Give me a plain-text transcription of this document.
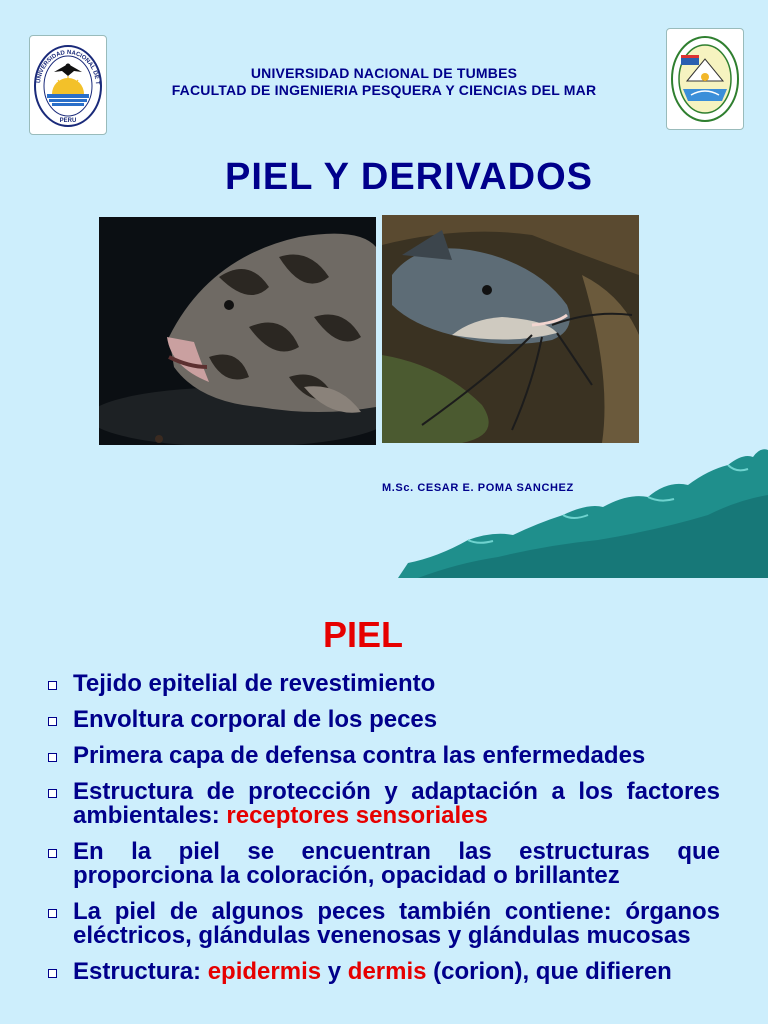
UNIVERSIDAD NACIONAL DE T
PERU
UNIVERSIDAD NACIONAL DE TUMBES
FACULTAD DE INGENIERIA PESQUERA Y CIENCIAS DEL MAR
PIEL Y DERIVADOS
M.Sc. CESAR E. POMA SANCHEZ
PIEL
Tejido epitelial de revestimiento
Envoltura corporal de los peces
Primera capa de defensa contra las enfermedades
Estructura de protección y adaptación a los factores ambientales: receptores sensoriales
En la piel se encuentran las estructuras que proporciona la coloración, opacidad o brillantez
La piel de algunos peces también contiene: órganos eléctricos, glándulas venenosas y glándulas mucosas
Estructura: epidermis y dermis (corion), que difieren
